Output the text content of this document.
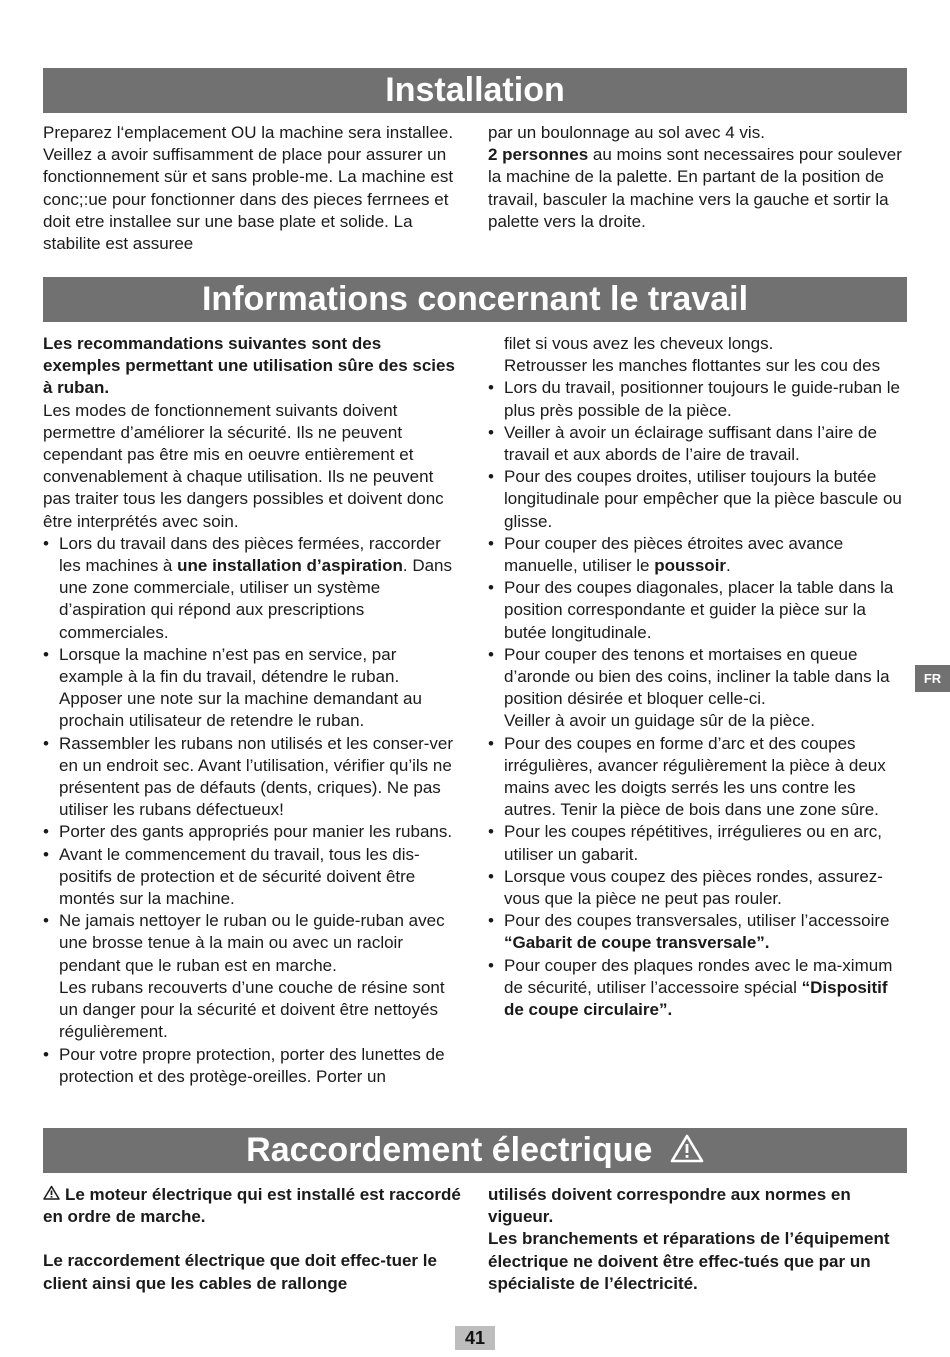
Installation

Preparez l‘emplacement OU la machine sera installee. Veillez a avoir suffisamment de place pour assurer un fonctionnement sür et sans proble-me. La machine est conc;:ue pour fonctionner dans des pieces ferrnees et doit etre installee sur une base plate et solide. La stabilite est assuree

par un boulonnage au sol avec 4 vis.

2 personnes au moins sont necessaires pour soulever la machine de la palette. En partant de la position de travail, basculer la machine vers la gauche et sortir la palette vers la droite.

Informations concernant le travail

Les recommandations suivantes sont des exemples permettant une utilisation sûre des scies à ruban.

Les modes de fonctionnement suivants doivent permettre d’améliorer la sécurité. Ils ne peuvent cependant pas être mis en oeuvre entièrement et convenablement à chaque utilisation. Ils ne peuvent pas traiter tous les dangers possibles et doivent donc être interprétés avec soin.

• Lors du travail dans des pièces fermées, raccorder les machines à une installation d’aspiration. Dans une zone commerciale, utiliser un système d’aspiration qui répond aux prescriptions commerciales.
• Lorsque la machine n’est pas en service, par example à la fin du travail, détendre le ruban. Apposer une note sur la machine demandant au prochain utilisateur de retendre le ruban.
• Rassembler les rubans non utilisés et les conser-ver en un endroit sec. Avant l’utilisation, vérifier qu’ils ne présentent pas de défauts (dents, criques). Ne pas utiliser les rubans défectueux!
• Porter des gants appropriés pour manier les rubans.
• Avant le commencement du travail, tous les dis-positifs de protection et de sécurité doivent être montés sur la machine.
• Ne jamais nettoyer le ruban ou le guide-ruban avec une brosse tenue à la main ou avec un racloir pendant que le ruban est en marche.
Les rubans recouverts d’une couche de résine sont un danger pour la sécurité et doivent être nettoyés régulièrement.
• Pour votre propre protection, porter des lunettes de protection et des protège-oreilles. Porter un

filet si vous avez les cheveux longs.

Retrousser les manches flottantes sur les cou des

• Lors du travail, positionner toujours le guide-ruban le plus près possible de la pièce.
• Veiller à avoir un éclairage suffisant dans l’aire de travail et aux abords de l’aire de travail.
• Pour des coupes droites, utiliser toujours la butée longitudinale pour empêcher que la pièce bascule ou glisse.
• Pour couper des pièces étroites avec avance manuelle, utiliser le poussoir.
• Pour des coupes diagonales, placer la table dans la position correspondante et guider la pièce sur la butée longitudinale.
• Pour couper des tenons et mortaises en queue d’aronde ou bien des coins, incliner la table dans la position désirée et bloquer celle-ci.
Veiller à avoir un guidage sûr de la pièce.
• Pour des coupes en forme d’arc et des coupes irrégulières, avancer régulièrement la pièce à deux mains avec les doigts serrés les uns contre les autres. Tenir la pièce de bois dans une zone sûre.
• Pour les coupes répétitives, irrégulieres ou en arc, utiliser un gabarit.
• Lorsque vous coupez des pièces rondes, assurez-vous que la pièce ne peut pas rouler.
• Pour des coupes transversales, utiliser l’accessoire “Gabarit de coupe transversale”.
• Pour couper des plaques rondes avec le ma-ximum de sécurité, utiliser l’accessoire spécial “Dispositif de coupe circulaire”.
FR
Raccordement électrique

Le moteur électrique qui est installé est raccordé en ordre de marche.

Le raccordement électrique que doit effec-tuer le client ainsi que les cables de rallonge

utilisés doivent correspondre aux normes en vigueur.

Les branchements et réparations de l’équipement électrique ne doivent être effec-tués que par un spécialiste de l’électricité.

41
